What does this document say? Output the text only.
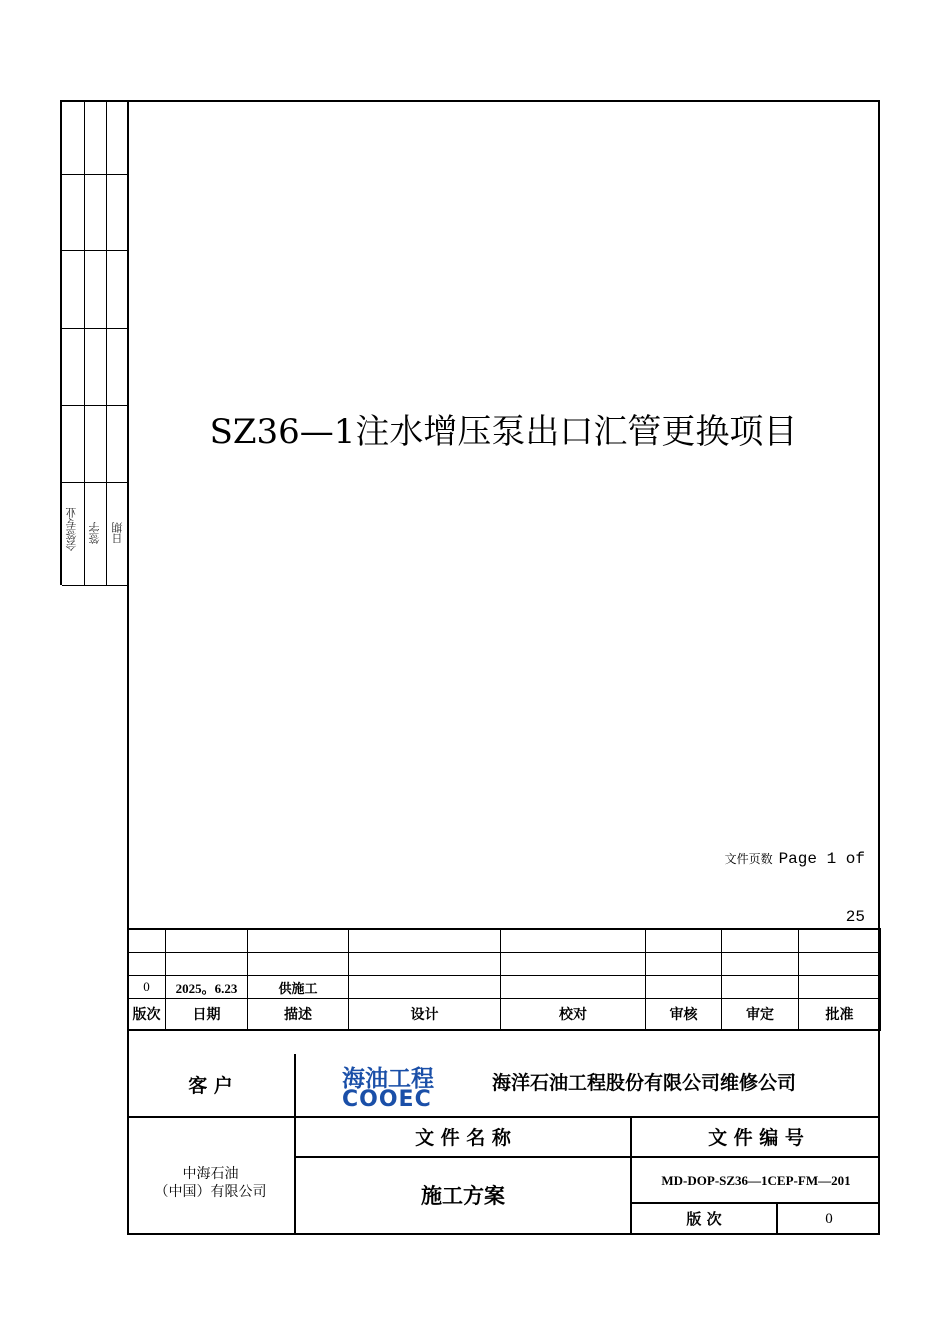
会签专业 签字 日期
SZ36—1注水增压泵出口汇管更换项目
文件页数 Page 1 of
25

0	2025。6.23	供施工					
版次	日期	描述	设计	校对	审核	审定	批准
客 户	海油工程
COOEC
海洋石油工程股份有限公司维修公司
中海石油
（中国）有限公司
文 件 名 称	文 件 编 号
施工方案
MD-DOP-SZ36—1CEP-FM—201
版 次	0
